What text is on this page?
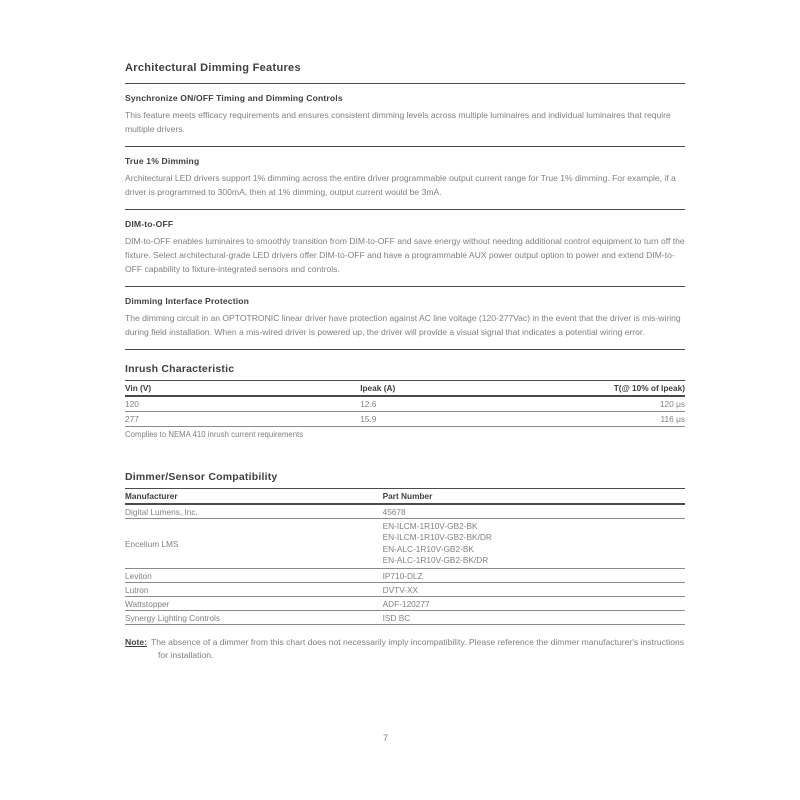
Architectural Dimming Features
Synchronize ON/OFF Timing and Dimming Controls

This feature meets efficacy requirements and ensures consistent dimming levels across multiple luminaires and individual luminaires that require multiple drivers.

True 1% Dimming

Architectural LED drivers support 1% dimming across the entire driver programmable output current range for True 1% dimming. For example, if a driver is programmed to 300mA, then at 1% dimming, output current would be 3mA.

DIM-to-OFF

DIM-to-OFF enables luminaires to smoothly transition from DIM-to-OFF and save energy without needing additional control equipment to turn off the fixture. Select architectural-grade LED drivers offer DIM-to-OFF and have a programmable AUX power output option to power and extend DIM-to-OFF capability to fixture-integrated sensors and controls.

Dimming Interface Protection

The dimming circuit in an OPTOTRONIC linear driver have protection against AC line voltage (120-277Vac) in the event that the driver is mis-wiring during field installation. When a mis-wired driver is powered up, the driver will provide a visual signal that indicates a potential wiring error.

Inrush Characteristic
Vin (V)	Ipeak (A)	T(@ 10% of Ipeak)
120	12.6	120 μs
277	15.9	116 μs
Complies to NEMA 410 inrush current requirements
Dimmer/Sensor Compatibility
Manufacturer	Part Number
Digital Lumens, Inc.	45678
Encelium LMS	EN-ILCM-1R10V-GB2-BK
EN-ILCM-1R10V-GB2-BK/DR
EN-ALC-1R10V-GB2-BK
EN-ALC-1R10V-GB2-BK/DR

Leviton	IP710-DLZ
Lutron	DVTV-XX
Wattstopper	ADF-120277
Synergy Lighting Controls	ISD BC
Note: The absence of a dimmer from this chart does not necessarily imply incompatibility. Please reference the dimmer manufacturer's instructions for installation.
7
